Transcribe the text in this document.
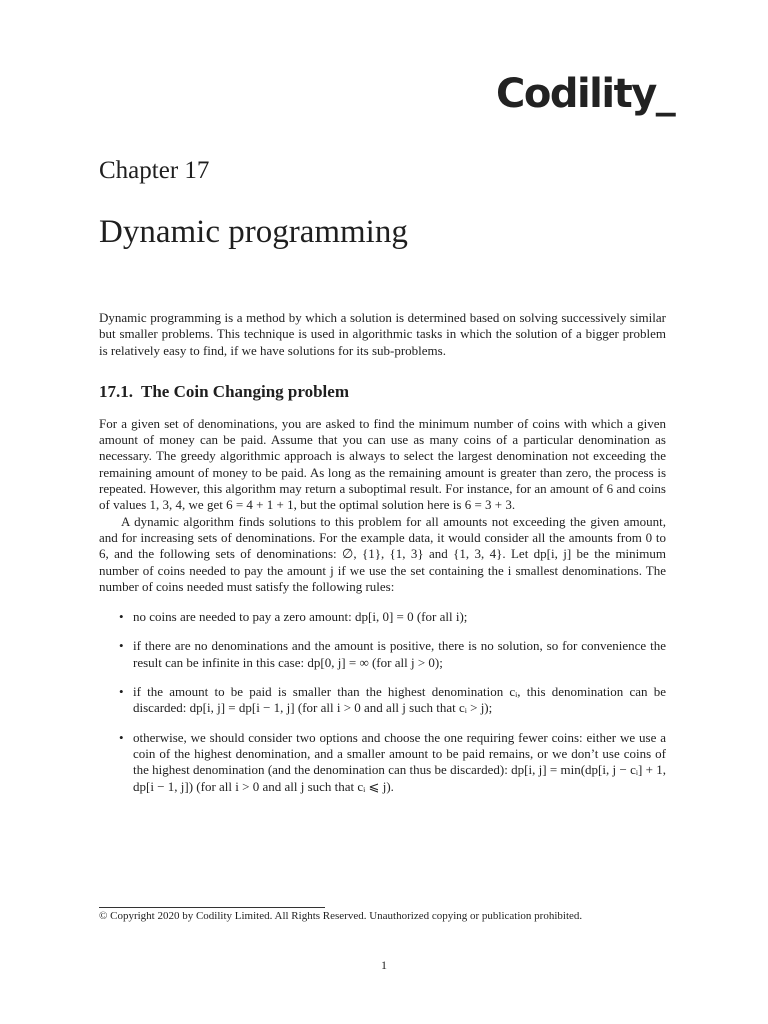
Codility_
Chapter 17
Dynamic programming

Dynamic programming is a method by which a solution is determined based on solving successively similar but smaller problems. This technique is used in algorithmic tasks in which the solution of a bigger problem is relatively easy to find, if we have solutions for its sub-problems.

17.1. The Coin Changing problem

For a given set of denominations, you are asked to find the minimum number of coins with which a given amount of money can be paid. Assume that you can use as many coins of a particular denomination as necessary. The greedy algorithmic approach is always to select the largest denomination not exceeding the remaining amount of money to be paid. As long as the remaining amount is greater than zero, the process is repeated. However, this algorithm may return a suboptimal result. For instance, for an amount of 6 and coins of values 1, 3, 4, we get 6 = 4 + 1 + 1, but the optimal solution here is 6 = 3 + 3.

A dynamic algorithm finds solutions to this problem for all amounts not exceeding the given amount, and for increasing sets of denominations. For the example data, it would consider all the amounts from 0 to 6, and the following sets of denominations: ∅, {1}, {1, 3} and {1, 3, 4}. Let dp[i, j] be the minimum number of coins needed to pay the amount j if we use the set containing the i smallest denominations. The number of coins needed must satisfy the following rules:

• no coins are needed to pay a zero amount: dp[i, 0] = 0 (for all i);
• if there are no denominations and the amount is positive, there is no solution, so for convenience the result can be infinite in this case: dp[0, j] = ∞ (for all j > 0);
• if the amount to be paid is smaller than the highest denomination cᵢ, this denomination can be discarded: dp[i, j] = dp[i − 1, j] (for all i > 0 and all j such that cᵢ > j);
• otherwise, we should consider two options and choose the one requiring fewer coins: either we use a coin of the highest denomination, and a smaller amount to be paid remains, or we don’t use coins of the highest denomination (and the denomination can thus be discarded): dp[i, j] = min(dp[i, j − cᵢ] + 1, dp[i − 1, j]) (for all i > 0 and all j such that cᵢ ⩽ j).
© Copyright 2020 by Codility Limited. All Rights Reserved. Unauthorized copying or publication prohibited.
1
